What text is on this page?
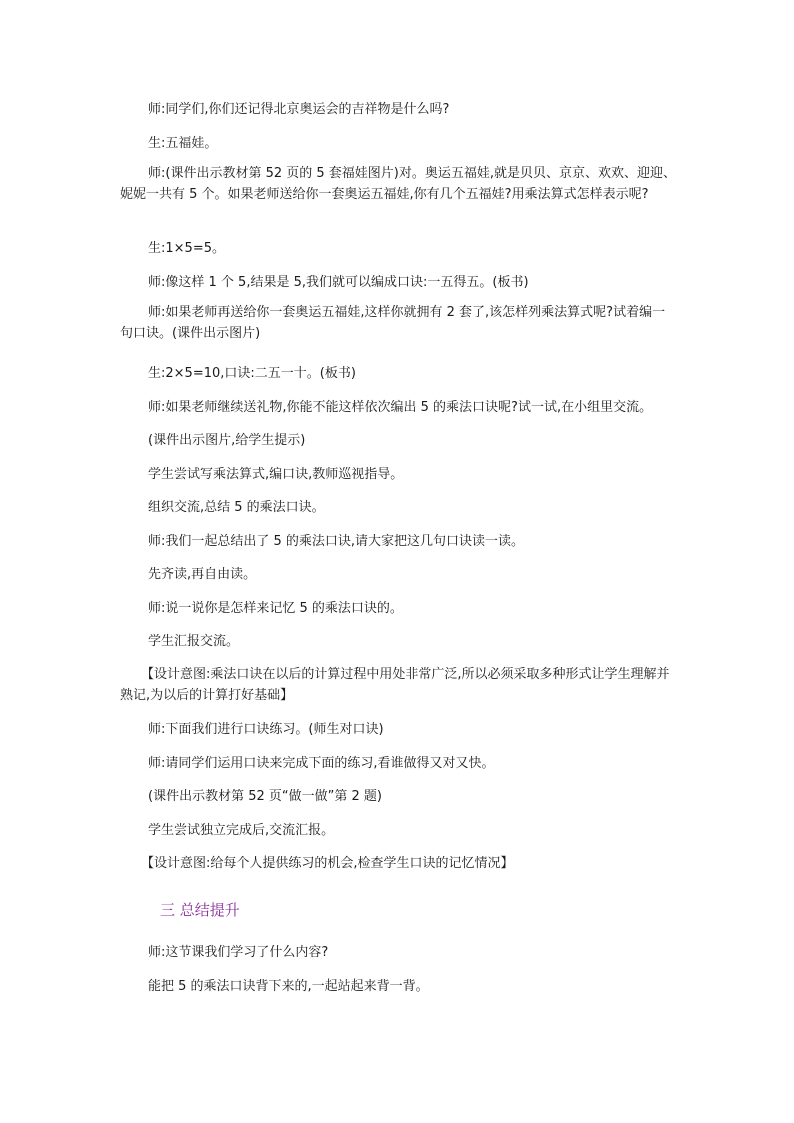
师:同学们,你们还记得北京奥运会的吉祥物是什么吗?

生:五福娃。

师:(课件出示教材第 52 页的 5 套福娃图片)对。奥运五福娃,就是贝贝、京京、欢欢、迎迎、妮妮一共有 5 个。如果老师送给你一套奥运五福娃,你有几个五福娃?用乘法算式怎样表示呢?

生:1×5=5。

师:像这样 1 个 5,结果是 5,我们就可以编成口诀:一五得五。(板书)

师:如果老师再送给你一套奥运五福娃,这样你就拥有 2 套了,该怎样列乘法算式呢?试着编一句口诀。(课件出示图片)

生:2×5=10,口诀:二五一十。(板书)

师:如果老师继续送礼物,你能不能这样依次编出 5 的乘法口诀呢?试一试,在小组里交流。

(课件出示图片,给学生提示)

学生尝试写乘法算式,编口诀,教师巡视指导。

组织交流,总结 5 的乘法口诀。

师:我们一起总结出了 5 的乘法口诀,请大家把这几句口诀读一读。

先齐读,再自由读。

师:说一说你是怎样来记忆 5 的乘法口诀的。

学生汇报交流。

【设计意图:乘法口诀在以后的计算过程中用处非常广泛,所以必须采取多种形式让学生理解并熟记,为以后的计算打好基础】

师:下面我们进行口诀练习。(师生对口诀)

师:请同学们运用口诀来完成下面的练习,看谁做得又对又快。

(课件出示教材第 52 页“做一做”第 2 题)

学生尝试独立完成后,交流汇报。

【设计意图:给每个人提供练习的机会,检查学生口诀的记忆情况】

三 总结提升

师:这节课我们学习了什么内容?

能把 5 的乘法口诀背下来的,一起站起来背一背。
